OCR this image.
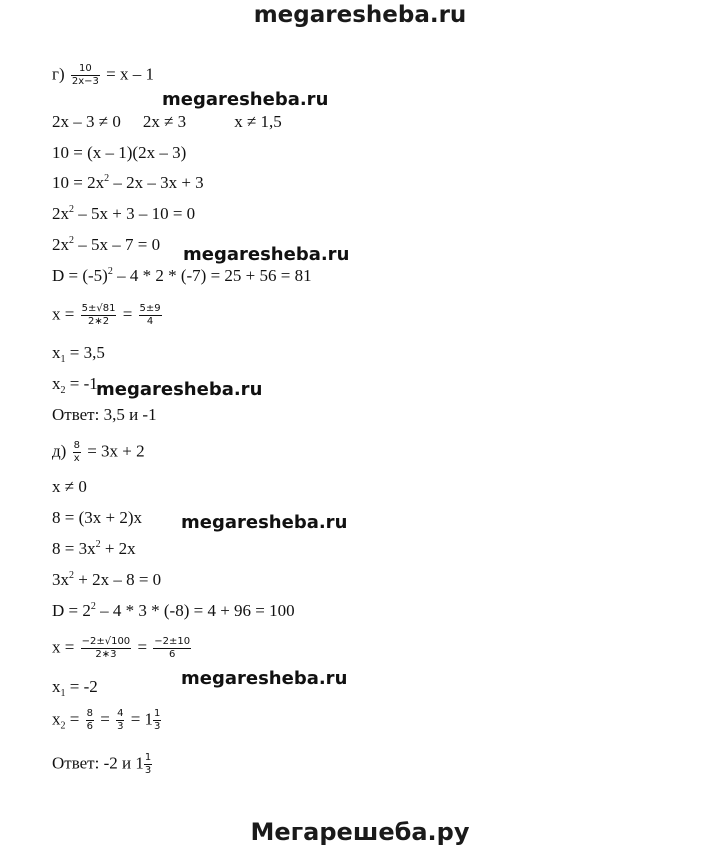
megaresheba.ru
$г) \frac{10}{2x-3} = x - 1$
2x – 3 ≠ 0 2x ≠ 3	x ≠ 1,5
10 = (x – 1)(2x – 3)
$10 = 2x^2 - 2x - 3x + 3$
$2x^2 - 5x + 3 - 10 = 0$
$2x^2 - 5x - 7 = 0$
$D = (-5)^2 - 4 * 2 * (-7) = 25 + 56 = 81$
$x = \frac{5\pm√81}{2∗2} = \frac{5\pm 9}{4}$
$x_1 = 3,5$
$x_2 = -1$
Ответ: 3,5 и -1
$д) \frac{8}{x} = 3x + 2$
x ≠ 0
8 = (3x + 2)x
$8 = 3x^2 + 2x$
$3x^2 + 2x - 8 = 0$
$D = 2^2 - 4 * 3 * (-8) = 4 + 96 = 100$
$x = \frac{-2\pm√100}{2∗3} = \frac{-2\pm 10}{6}$
$x_1 = -2$
$x_2 = \frac{8}{6} = \frac{4}{3} = 1 \frac{1}{3}$
Ответ: -2 и $1 \frac{1}{3}$
megaresheba.ru
megaresheba.ru
megaresheba.ru
megaresheba.ru
megaresheba.ru
Мегарешеба.ру
